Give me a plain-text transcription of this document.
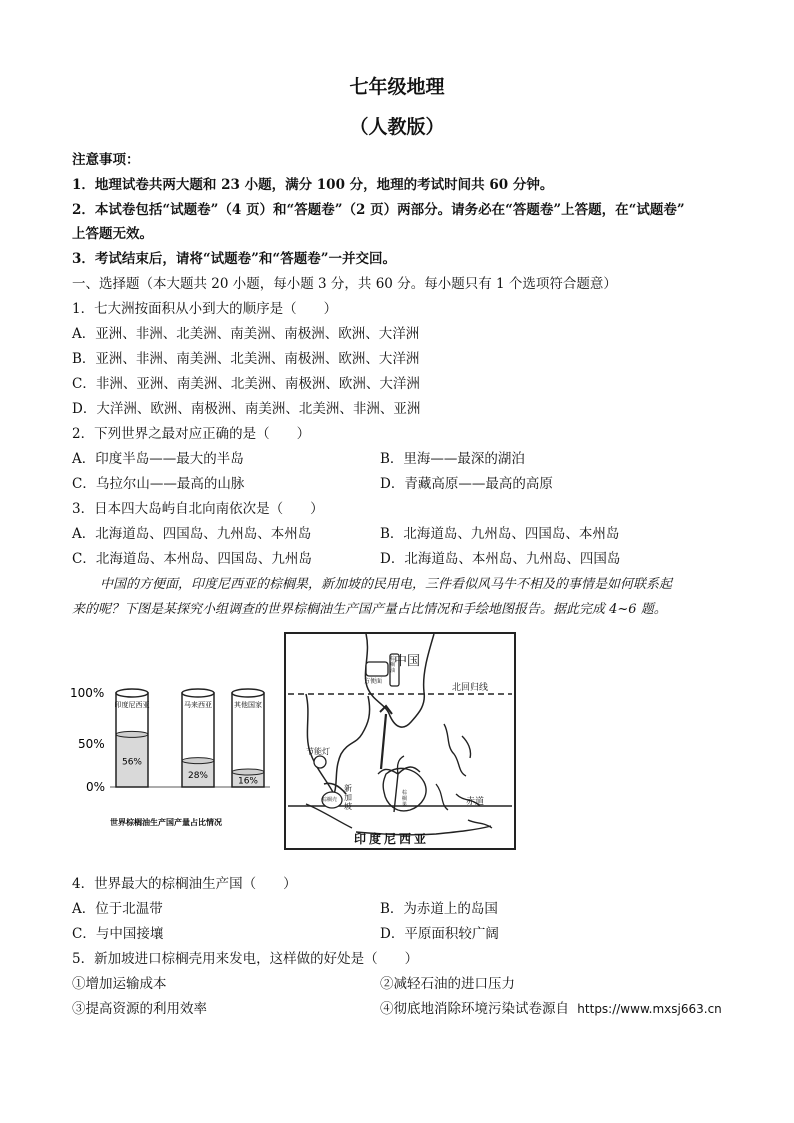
七年级地理
（人教版）
注意事项：
1．地理试卷共两大题和 23 小题，满分 100 分，地理的考试时间共 60 分钟。
2．本试卷包括“试题卷”（4 页）和“答题卷”（2 页）两部分。请务必在“答题卷”上答题，在“试题卷”
上答题无效。
3．考试结束后，请将“试题卷”和“答题卷”一并交回。
一、选择题（本大题共 20 小题，每小题 3 分，共 60 分。每小题只有 1 个选项符合题意）
1．七大洲按面积从小到大的顺序是（　　）
A．亚洲、非洲、北美洲、南美洲、南极洲、欧洲、大洋洲
B．亚洲、非洲、南美洲、北美洲、南极洲、欧洲、大洋洲
C．非洲、亚洲、南美洲、北美洲、南极洲、欧洲、大洋洲
D．大洋洲、欧洲、南极洲、南美洲、北美洲、非洲、亚洲
2．下列世界之最对应正确的是（　　）
A．印度半岛——最大的半岛	B．里海——最深的湖泊
C．乌拉尔山——最高的山脉	D．青藏高原——最高的高原
3．日本四大岛屿自北向南依次是（　　）
A．北海道岛、四国岛、九州岛、本州岛	B．北海道岛、九州岛、四国岛、本州岛
C．北海道岛、本州岛、四国岛、九州岛	D．北海道岛、本州岛、九州岛、四国岛
中国的方便面，印度尼西亚的棕榈果，新加坡的民用电，三件看似风马牛不相及的事情是如何联系起
来的呢？下图是某探究小组调查的世界棕榈油生产国产量占比情况和手绘地图报告。据此完成 4~6 题。
印度尼西亚
56%
马来西亚
28%
其他国家
16%
100%
50%
0%
世界棕榈油生产国产量占比情况
中国
北回归线
赤道
印度尼西亚
节能灯
新加坡
方便面
棕榈油
棕榈壳
棕榈果
4．世界最大的棕榈油生产国（　　）
A．位于北温带	B．为赤道上的岛国
C．与中国接壤	D．平原面积较广阔
5．新加坡进口棕榈壳用来发电，这样做的好处是（　　）
①增加运输成本	②减轻石油的进口压力
③提高资源的利用效率	④彻底地消除环境污染试卷源自 https://www.mxsj663.cn
